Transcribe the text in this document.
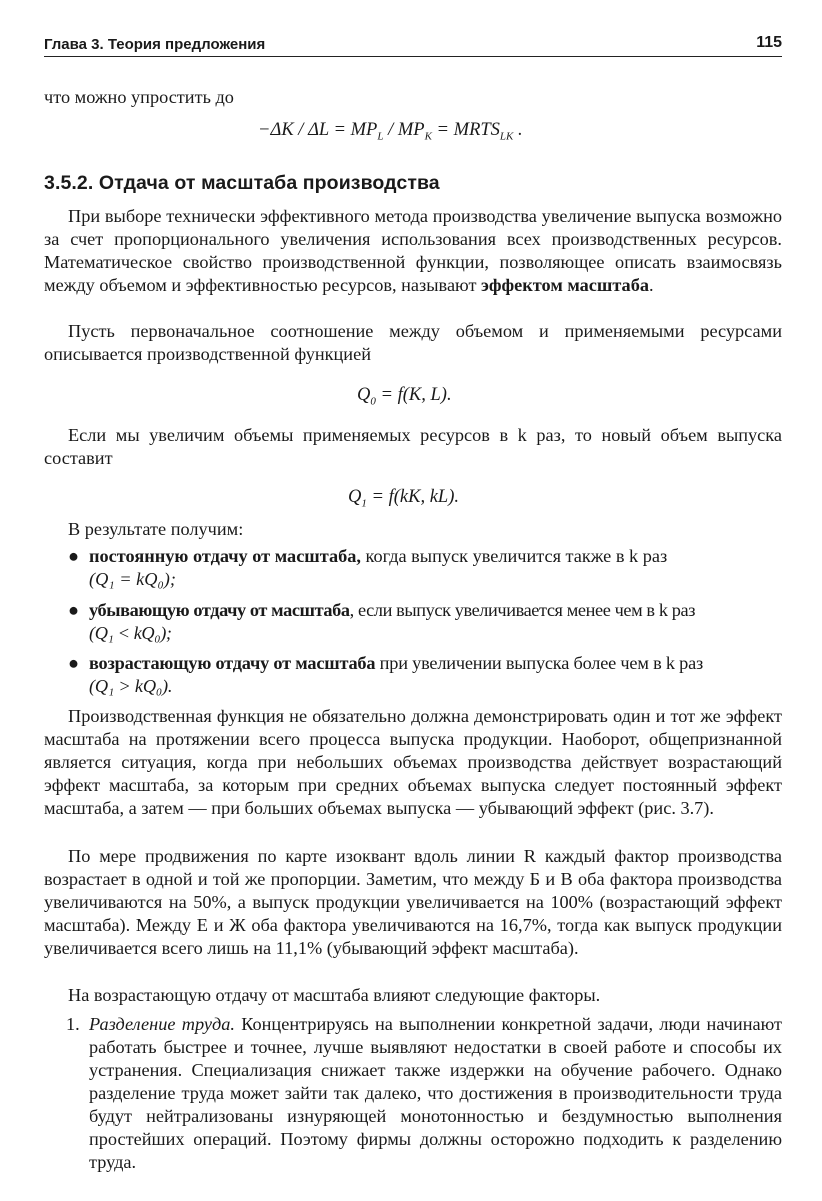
Глава 3. Теория предложения	115
что можно упростить до
$-\Delta K / \Delta L = MP_L / MP_K$ = $MRTS_{LK}$ .
3.5.2. Отдача от масштаба производства
При выборе технически эффективного метода производства увеличение выпуска возможно за счет пропорционального увеличения использования всех производственных ресурсов. Математическое свойство производственной функции, позволяющее описать взаимосвязь между объемом и эффективностью ресурсов, называют эффектом масштаба.
Пусть первоначальное соотношение между объемом и применяемыми ресурсами описывается производственной функцией
$Q_0 = f(K$, L).
Если мы увеличим объемы применяемых ресурсов в k раз, то новый объем выпуска составит
$Q_1 = f(kK$, kL).
В результате получим:
● постоянную отдачу от масштаба, когда выпуск увеличится также в k раз
(Q₁ = kQ₀);
● убывающую отдачу от масштаба, если выпуск увеличивается менее чем в k раз
(Q₁ < kQ₀);
● возрастающую отдачу от масштаба при увеличении выпуска более чем в k раз
(Q₁ > kQ₀).
Производственная функция не обязательно должна демонстрировать один и тот же эффект масштаба на протяжении всего процесса выпуска продукции. Наоборот, общепризнанной является ситуация, когда при небольших объемах производства действует возрастающий эффект масштаба, за которым при средних объемах выпуска следует постоянный эффект масштаба, а затем — при больших объемах выпуска — убывающий эффект (рис. 3.7).
По мере продвижения по карте изоквант вдоль линии R каждый фактор производства возрастает в одной и той же пропорции. Заметим, что между Б и В оба фактора производства увеличиваются на 50%, а выпуск продукции увеличивается на 100% (возрастающий эффект масштаба). Между Е и Ж оба фактора увеличиваются на 16,7%, тогда как выпуск продукции увеличивается всего лишь на 11,1% (убывающий эффект масштаба).
На возрастающую отдачу от масштаба влияют следующие факторы.
1. Разделение труда. Концентрируясь на выполнении конкретной задачи, люди начинают работать быстрее и точнее, лучше выявляют недостатки в своей работе и способы их устранения. Специализация снижает также издержки на обучение рабочего. Однако разделение труда может зайти так далеко, что достижения в производительности труда будут нейтрализованы изнуряющей монотонностью и бездумностью выполнения простейших операций. Поэтому фирмы должны осторожно подходить к разделению труда.
